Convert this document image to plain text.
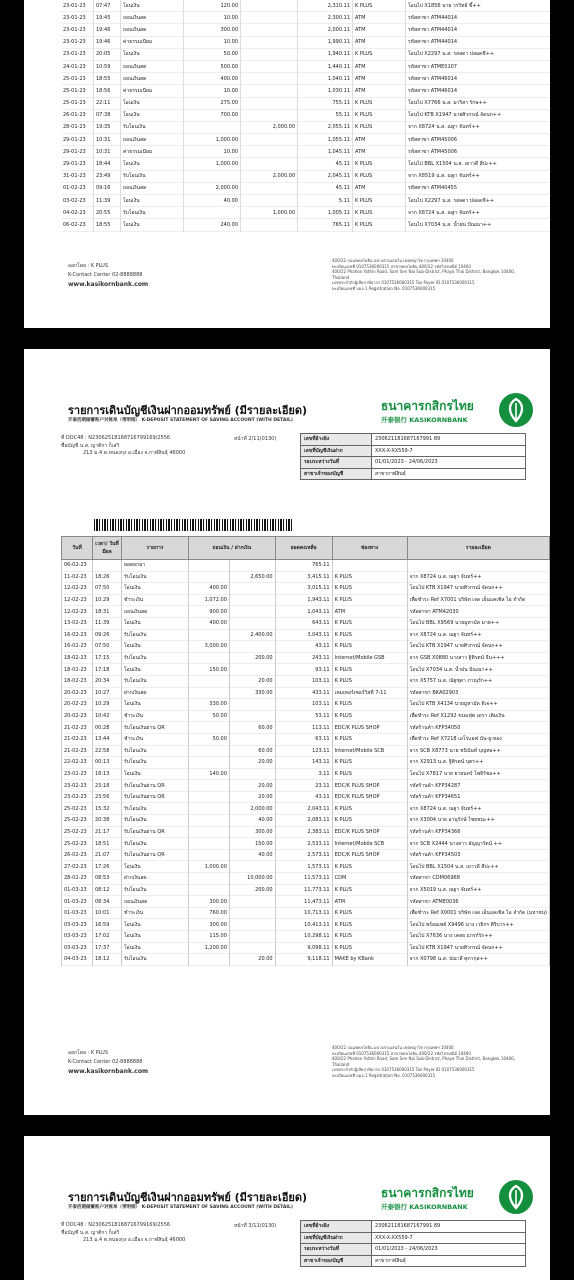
23-01-23	07:47	โอนเงิน	120.00		2,310.11	K PLUS	โอนไป X1856 นาย วรวิทย์ ขี้++
23-01-23	19:45	ถอนเงินสด	10.00		2,300.11	ATM	รหัสสาขา ATM44014
23-01-23	19:46	ถอนเงินสด	300.00		2,000.11	ATM	รหัสสาขา ATM44014
23-01-23	19:46	ค่าธรรมเนียม	10.00		1,990.11	ATM	รหัสสาขา ATM44014
23-01-23	20:05	โอนเงิน	50.00		1,940.11	K PLUS	โอนไป X2297 น.ส. รสลดา ปลอดชี++
24-01-23	10:59	ถอนเงินสด	500.00		1,440.11	ATM	รหัสสาขา ATME0107
25-01-23	18:55	ถอนเงินสด	400.00		1,040.11	ATM	รหัสสาขา ATM46014
25-01-23	18:56	ค่าธรรมเนียม	10.00		1,030.11	ATM	รหัสสาขา ATM46014
25-01-23	22:11	โอนเงิน	275.00		755.11	K PLUS	โอนไป X7766 น.ส. มาริสา รักษ++
26-01-23	07:38	โอนเงิน	700.00		55.11	K PLUS	โอนไป KTB X1947 นายศิวกรณ์ จัดนก++
28-01-23	19:35	รับโอนเงิน		2,000.00	2,055.11	K PLUS	จาก X8724 น.ส. ณฐา จันทร์++
29-01-23	10:31	ถอนเงินสด	1,000.00		1,055.11	ATM	รหัสสาขา ATM45006
29-01-23	10:31	ค่าธรรมเนียม	10.00		1,045.11	ATM	รหัสสาขา ATM45006
29-01-23	18:44	โอนเงิน	1,000.00		45.11	K PLUS	โอนไป BBL X1504 น.ส. เยาวดี สีปะ++
31-01-23	23:49	รับโอนเงิน		2,000.00	2,045.11	K PLUS	จาก X8519 น.ส. ณฐา จันทร์++
01-02-23	09:16	ถอนเงินสด	2,000.00		45.11	ATM	รหัสสาขา ATM40455
03-02-23	11:39	โอนเงิน	40.00		5.11	K PLUS	โอนไป X2297 น.ส. รสลดา ปลอดชี++
04-02-23	20:55	รับโอนเงิน		1,000.00	1,005.11	K PLUS	จาก X8724 น.ส. ณฐา จันทร์++
06-02-23	18:55	โอนเงิน	240.00		765.11	K PLUS	โอนไป X7034 น.ส. น้ำฝน ปัณณา++
ออกโดย : K PLUS
K-Contact Center 02-8888888
www.kasikornbank.com
400/22 ถนนพหลโยธิน แขวงสามเสนใน เขตพญาไท กรุงเทพฯ 10400
ทะเบียนเลขที่ 0107536000315 สาขาพหลโยธิน 400/22 รหัสไปรษณีย์ 10400
400/22 Phahon Yothin Road, Sam Sen Nai Sub-District, Phaya Thai District, Bangkok 10400, Thailand
เลขประจำตัวผู้เสียภาษีอากร 0107536000315 Tax Payer ID 0107536000315
ทะเบียนเลขที่ บมจ.1 Registration No. 0107536000315
รายการเดินบัญชีเงินฝากออมทรัพย์ (มีรายละเอียด)
开泰活期储蓄账户对账单（带明细） K-DEPOSIT STATEMENT OF SAVING ACCOUNT (WITH DETAIL)
ธนาคารกสิกรไทย
开泰银行 KASIKORNBANK
ที่ DDC48 : N23062518168716799169/2556
ชื่อบัญชี น.ส. ญาติกา ก็เสวิ
213 ม.4 ต.หนองกุง อ.เมือง จ.กาฬสินธุ์ 46000
หน้าที่ 2/11(0130)	เลขที่อ้างอิง	230621181687167991 89
เลขที่บัญชีเงินฝาก	XXX-X-XX559-7
รอบระหว่างวันที่	01/01/2023 - 24/06/2023
สาขาเจ้าของบัญชี	สาขากาฬสินธุ์
วันที่	เวลา/ วันที่มีผล	รายการ	ถอนเงิน / ฝากเงิน		ยอดคงเหลือ	ช่องทาง	รายละเอียด
06-02-23		ยอดยกมา			765.11		
11-02-23	18:26	รับโอนเงิน		2,650.00	3,415.11	K PLUS	จาก X8724 น.ส. ณฐา จันทร์++
12-02-23	07:50	โอนเงิน	400.00		3,015.11	K PLUS	โอนไป KTB X1947 นายศิวกรณ์ จัดนก++
12-02-23	10:29	ชำระเงิน	1,072.00		1,943.11	K PLUS	เพื่อชำระ Ref X7001 บริษัท เจด เอ็นแคเซิล ไอ จำกัด
12-02-23	18:31	ถอนเงินสด	900.00		1,043.11	ATM	รหัสสาขา ATM42030
13-02-23	11:39	โอนเงิน	400.00		643.11	K PLUS	โอนไป BBL X9569 นายมูหามัด มาฮ++
16-02-23	09:26	รับโอนเงิน		2,400.00	3,043.11	K PLUS	จาก X8724 น.ส. ณฐา จันทร์++
16-02-23	07:50	โอนเงิน	3,000.00		43.11	K PLUS	โอนไป KTB X1947 นายศิวกรณ์ จัดนก++
18-02-23	17:15	รับโอนเงิน		200.00	243.11	Internet/Mobile GSB	จาก GSB X0880 นางสาว ฐิติรตน์ จีน+++
18-02-23	17:18	โอนเงิน	150.00		93.11	K PLUS	โอนไป X7034 น.ส. น้ำฝน ปัณณา++
18-02-23	20:34	รับโอนเงิน		20.00	103.11	K PLUS	จาก X5757 น.ส. ณัฐชุดา ภาณุรัก++
20-02-23	10:27	ฝากเงินสด		330.00	433.11	เคมเทอร์เซอร์วิสที่ 7-11	รหัสสาขา BKA02903
20-02-23	10:29	โอนเงิน	330.00		103.11	K PLUS	โอนไป KTB X4134 นายมูหามัด ดิเจ++
20-02-23	10:42	ชำระเงิน	50.00		53.11	K PLUS	เพื่อชำระ Ref X1292 ขนมฟุต เดรา เติมเงิน
21-02-23	00:28	รับโอนเงินผ่าน QR		60.00	113.11	EDC/K PLUS SHOP	รหัสร้านค้า KFP34050
21-02-23	13:44	ชำระเงิน	50.00		63.11	K PLUS	เพื่อชำระ Ref X7218 เอโร่แอฟ นัน-ยู-ทอง
21-02-23	22:58	รับโอนเงิน		60.00	123.11	Internet/Mobile SCB	จาก SCB X8773 นาย ชนินันท์ บุญทอ++
22-02-23	00:13	รับโอนเงิน		20.00	143.11	K PLUS	จาก X2913 น.ส. ฐิติรตน์ บุตร++
23-02-23	18:13	โอนเงิน	140.00		3.11	K PLUS	โอนไป X7817 นาย ยายนทร์ โพธิรัชอ++
23-02-23	23:18	รับโอนเงินผ่าน QR		20.00	23.11	EDC/K PLUS SHOP	รหัสร้านค้า KFP34287
23-02-23	23:56	รับโอนเงินผ่าน QR		20.00	43.11	EDC/K PLUS SHOP	รหัสร้านค้า KFP34651
25-02-23	15:32	รับโอนเงิน		2,000.00	2,043.11	K PLUS	จาก X8724 น.ส. ณฐา จันทร์++
25-02-23	20:38	รับโอนเงิน		40.00	2,083.11	K PLUS	จาก X3004 นาย อานุรักษ์ ไชยชนะ++
25-02-23	21:17	รับโอนเงินผ่าน QR		300.00	2,383.11	EDC/K PLUS SHOP	รหัสร้านค้า KFP34366
25-02-23	18:51	รับโอนเงิน		150.00	2,533.11	Internet/Mobile SCB	จาก SCB X2444 นางสาว ลัญญารัตน์ ++
26-02-23	21:07	รับโอนเงินผ่าน QR		40.00	2,573.11	EDC/K PLUS SHOP	รหัสร้านค้า KFP34503
27-02-23	17:26	โอนเงิน	1,000.00		1,573.11	K PLUS	โอนไป BBL X1504 น.ส. เยาวดี สีปะ++
28-02-23	08:53	ฝากเงินสด		10,000.00	11,573.11	CDM	รหัสสาขา CDM06968
01-03-23	08:12	รับโอนเงิน		200.00	11,773.11	K PLUS	จาก X5019 น.ส. ณฐา จันทร์++
01-03-23	08:34	ถอนเงินสด	300.00		11,473.11	ATM	รหัสสาขา ATME0036
01-03-23	10:01	ชำระเงิน	760.00		10,713.11	K PLUS	เพื่อชำระ Ref X0001 บริษัท เจด เอ็นแคเซิล ไอ จำกัด (มหาชน)
03-03-23	16:59	โอนเงิน	300.00		10,413.11	K PLUS	โอนไป พร้อมเพย์ X9496 นาง เวธิกร ศิริบวร++
03-03-23	17:02	โอนเงิน	115.00		10,298.11	K PLUS	โอนไป X7636 นาง เคลย แกรก์รัก++
03-03-23	17:37	โอนเงิน	1,200.00		9,098.11	K PLUS	โอนไป KTB X1947 นายศิวกรณ์ จัดนก++
04-03-23	18:12	รับโอนเงิน		20.00	9,118.11	MAKE by KBank	จาก X0798 น.ส. ปณาลี ศุภากุล++
ออกโดย : K PLUS
K-Contact Center 02-8888888
www.kasikornbank.com
400/22 ถนนพหลโยธิน แขวงสามเสนใน เขตพญาไท กรุงเทพฯ 10400
ทะเบียนเลขที่ 0107536000315 สาขาพหลโยธิน 400/22 รหัสไปรษณีย์ 10400
400/22 Phahon Yothin Road, Sam Sen Nai Sub-District, Phaya Thai District, Bangkok 10400, Thailand
เลขประจำตัวผู้เสียภาษีอากร 0107536000315 Tax Payer ID 0107536000315
ทะเบียนเลขที่ บมจ.1 Registration No. 0107536000315
รายการเดินบัญชีเงินฝากออมทรัพย์ (มีรายละเอียด)
开泰活期储蓄账户对账单（带明细） K-DEPOSIT STATEMENT OF SAVING ACCOUNT (WITH DETAIL)
ธนาคารกสิกรไทย
开泰银行 KASIKORNBANK
ที่ DDC48 : N23062518168716799169/2556
ชื่อบัญชี น.ส. ญาติกา ก็เสวิ
213 ม.4 ต.หนองกุง อ.เมือง จ.กาฬสินธุ์ 46000
หน้าที่ 3/11(0130)	เลขที่อ้างอิง	230621181687167991 89
เลขที่บัญชีเงินฝาก	XXX-X-XX559-7
รอบระหว่างวันที่	01/01/2023 - 24/06/2023
สาขาเจ้าของบัญชี	สาขากาฬสินธุ์
